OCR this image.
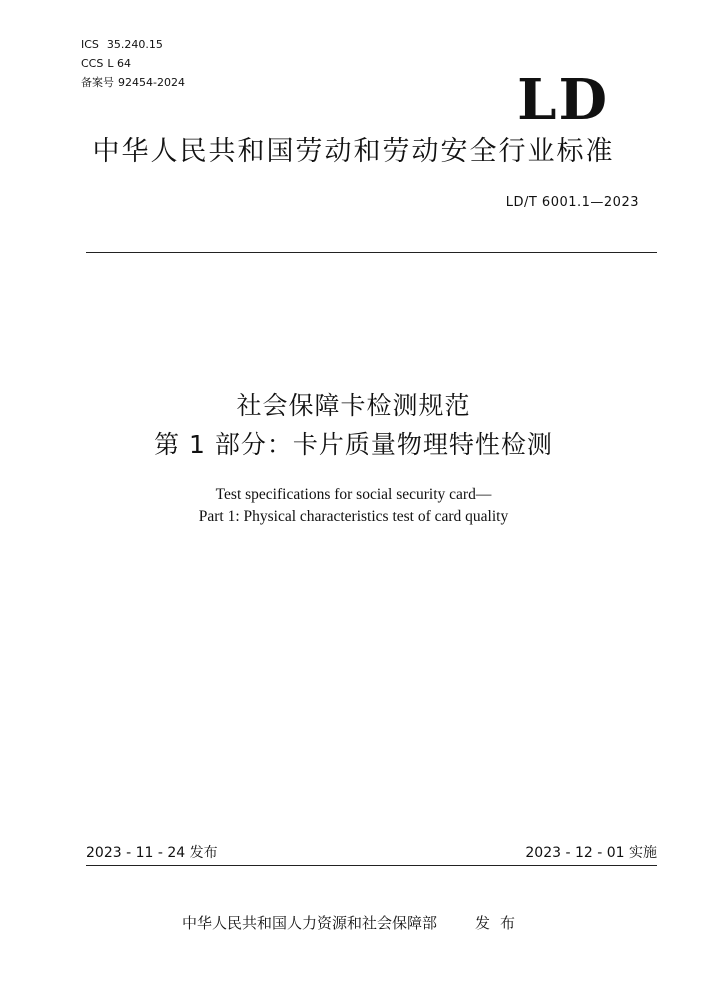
ICS 35.240.15
CCS L 64
备案号 92454-2024	LD
中华人民共和国劳动和劳动安全行业标准
LD/T 6001.1—2023
社会保障卡检测规范
第 1 部分：卡片质量物理特性检测
Test specifications for social security card—
Part 1: Physical characteristics test of card quality
2023 - 11 - 24 发布	2023 - 12 - 01 实施
中华人民共和国人力资源和社会保障部	发布
